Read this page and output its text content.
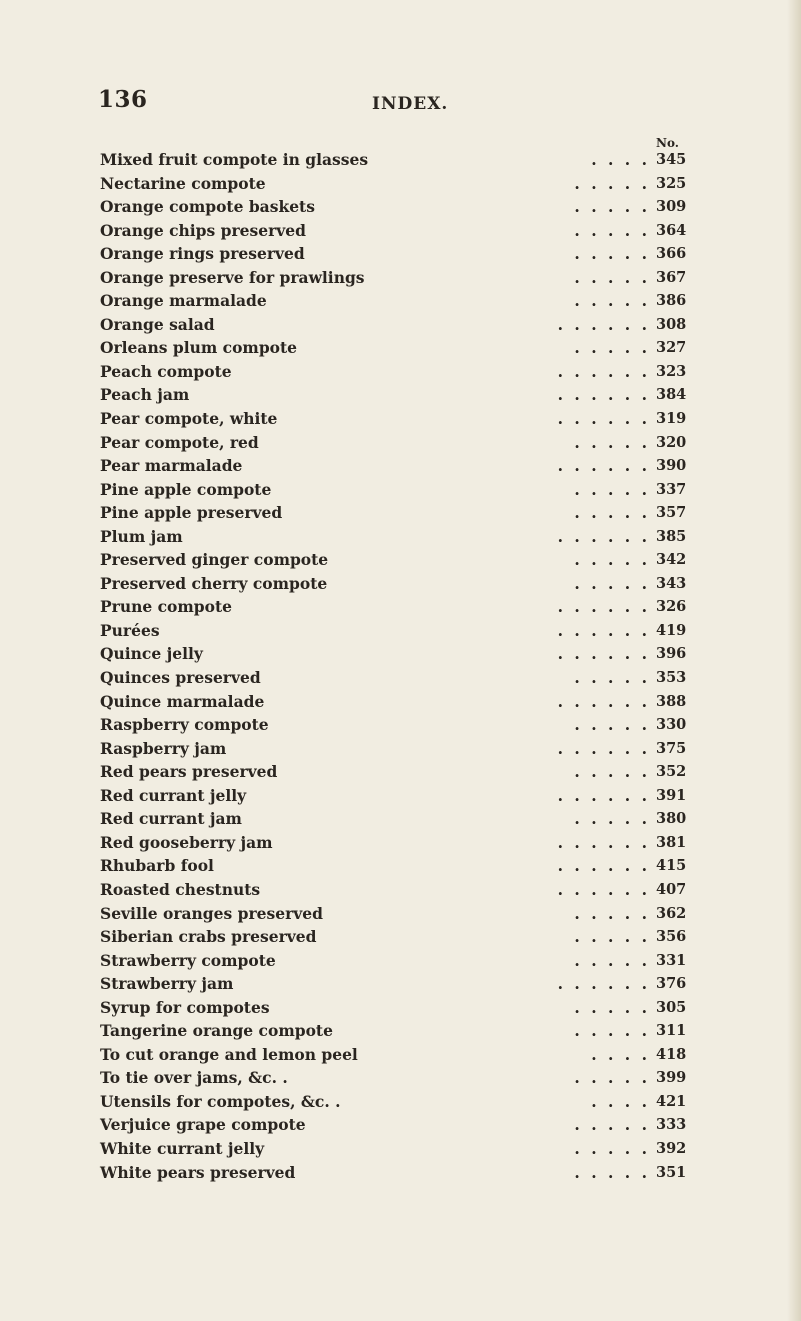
136	INDEX.
No.
Mixed fruit compote in glasses	. . . . 345
Nectarine compote	. . . . . 325
Orange compote baskets	. . . . . 309
Orange chips preserved	. . . . . 364
Orange rings preserved	. . . . . 366
Orange preserve for prawlings	. . . . . 367
Orange marmalade	. . . . . 386
Orange salad	. . . . . . 308
Orleans plum compote	. . . . . 327
Peach compote	. . . . . . 323
Peach jam	. . . . . . 384
Pear compote, white	. . . . . . 319
Pear compote, red	. . . . . 320
Pear marmalade	. . . . . . 390
Pine apple compote	. . . . . 337
Pine apple preserved	. . . . . 357
Plum jam	. . . . . . 385
Preserved ginger compote	. . . . . 342
Preserved cherry compote	. . . . . 343
Prune compote	. . . . . . 326
Purées	. . . . . . 419
Quince jelly	. . . . . . 396
Quinces preserved	. . . . . 353
Quince marmalade	. . . . . . 388
Raspberry compote	. . . . . 330
Raspberry jam	. . . . . . 375
Red pears preserved	. . . . . 352
Red currant jelly	. . . . . . 391
Red currant jam	. . . . . 380
Red gooseberry jam	. . . . . . 381
Rhubarb fool	. . . . . . 415
Roasted chestnuts	. . . . . . 407
Seville oranges preserved	. . . . . 362
Siberian crabs preserved	. . . . . 356
Strawberry compote	. . . . . 331
Strawberry jam	. . . . . . 376
Syrup for compotes	. . . . . 305
Tangerine orange compote	. . . . . 311
To cut orange and lemon peel	. . . . 418
To tie over jams, &c. .	. . . . . 399
Utensils for compotes, &c. .	. . . . 421
Verjuice grape compote	. . . . . 333
White currant jelly	. . . . . 392
White pears preserved	. . . . . 351
